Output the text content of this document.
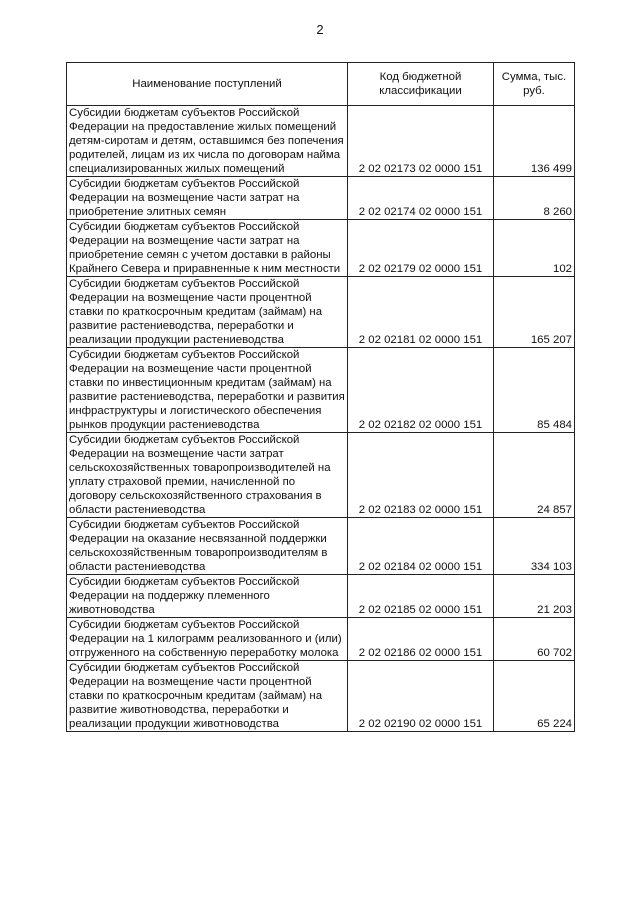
2
Наименование поступлений	Код бюджетной классификации	Сумма, тыс. руб.
Субсидии бюджетам субъектов Российской Федерации на предоставление жилых помещений детям-сиротам и детям, оставшимся без попечения родителей, лицам из их числа по договорам найма специализированных жилых помещений	2 02 02173 02 0000 151	136 499
Субсидии бюджетам субъектов Российской Федерации на возмещение части затрат на приобретение элитных семян	2 02 02174 02 0000 151	8 260
Субсидии бюджетам субъектов Российской Федерации на возмещение части затрат на приобретение семян с учетом доставки в районы Крайнего Севера и приравненные к ним местности	2 02 02179 02 0000 151	102
Субсидии бюджетам субъектов Российской Федерации на возмещение части процентной ставки по краткосрочным кредитам (займам) на развитие растениеводства, переработки и реализации продукции растениеводства	2 02 02181 02 0000 151	165 207
Субсидии бюджетам субъектов Российской Федерации на возмещение части процентной ставки по инвестиционным кредитам (займам) на развитие растениеводства, переработки и развития инфраструктуры и логистического обеспечения рынков продукции растениеводства	2 02 02182 02 0000 151	85 484
Субсидии бюджетам субъектов Российской Федерации на возмещение части затрат сельскохозяйственных товаропроизводителей на уплату страховой премии, начисленной по договору сельскохозяйственного страхования в области растениеводства	2 02 02183 02 0000 151	24 857
Субсидии бюджетам субъектов Российской Федерации на оказание несвязанной поддержки сельскохозяйственным товаропроизводителям в области растениеводства	2 02 02184 02 0000 151	334 103
Субсидии бюджетам субъектов Российской Федерации на поддержку племенного животноводства	2 02 02185 02 0000 151	21 203
Субсидии бюджетам субъектов Российской Федерации на 1 килограмм реализованного и (или) отгруженного на собственную переработку молока	2 02 02186 02 0000 151	60 702
Субсидии бюджетам субъектов Российской Федерации на возмещение части процентной ставки по краткосрочным кредитам (займам) на развитие животноводства, переработки и реализации продукции животноводства	2 02 02190 02 0000 151	65 224
